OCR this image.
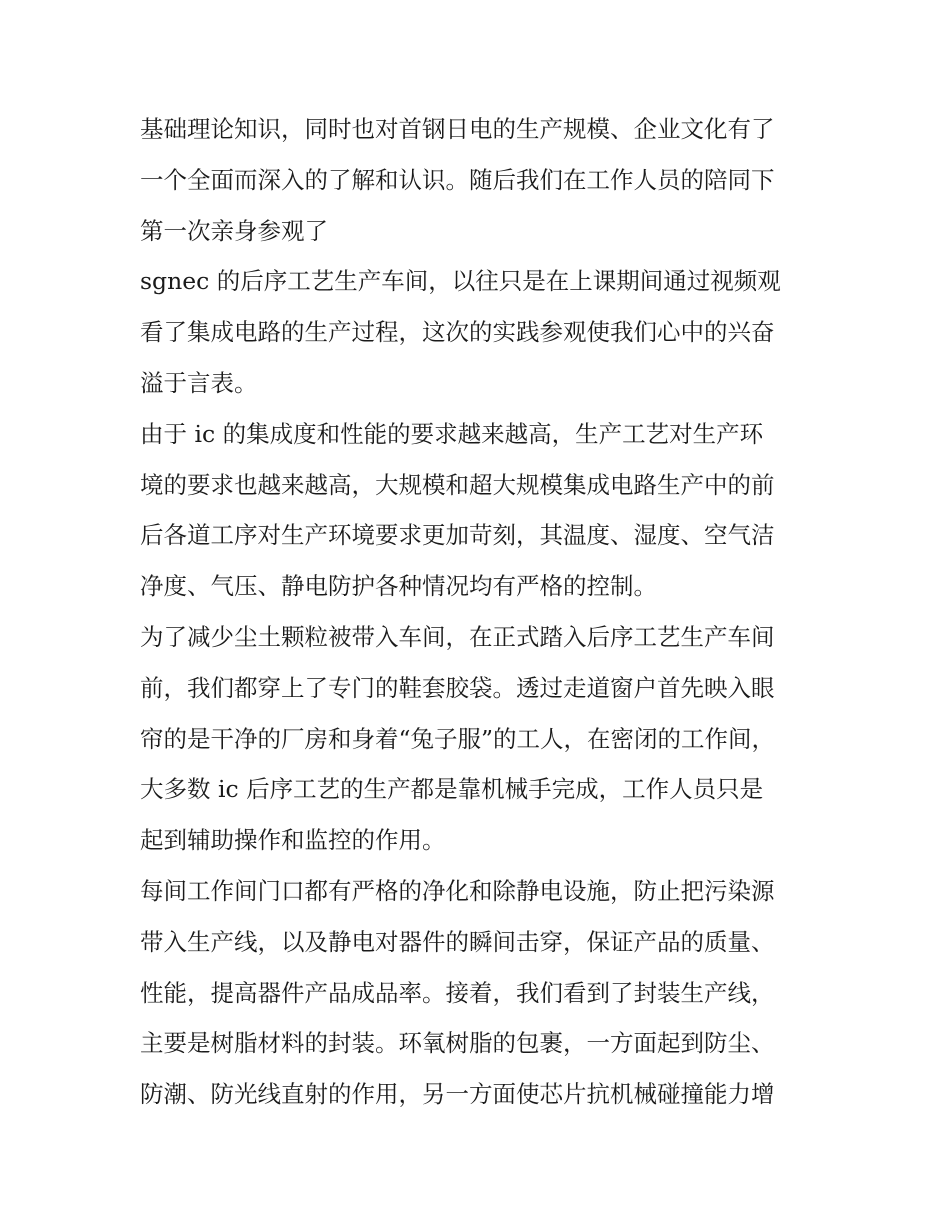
基础理论知识，同时也对首钢日电的生产规模、企业文化有了
一个全面而深入的了解和认识。随后我们在工作人员的陪同下
第一次亲身参观了

sgnec 的后序工艺生产车间，以往只是在上课期间通过视频观
看了集成电路的生产过程，这次的实践参观使我们心中的兴奋
溢于言表。

由于 ic 的集成度和性能的要求越来越高，生产工艺对生产环
境的要求也越来越高，大规模和超大规模集成电路生产中的前
后各道工序对生产环境要求更加苛刻，其温度、湿度、空气洁
净度、气压、静电防护各种情况均有严格的控制。

为了减少尘土颗粒被带入车间，在正式踏入后序工艺生产车间
前，我们都穿上了专门的鞋套胶袋。透过走道窗户首先映入眼
帘的是干净的厂房和身着“兔子服”的工人，在密闭的工作间，
大多数 ic 后序工艺的生产都是靠机械手完成，工作人员只是
起到辅助操作和监控的作用。

每间工作间门口都有严格的净化和除静电设施，防止把污染源
带入生产线，以及静电对器件的瞬间击穿，保证产品的质量、
性能，提高器件产品成品率。接着，我们看到了封装生产线，
主要是树脂材料的封装。环氧树脂的包裹，一方面起到防尘、
防潮、防光线直射的作用，另一方面使芯片抗机械碰撞能力增
